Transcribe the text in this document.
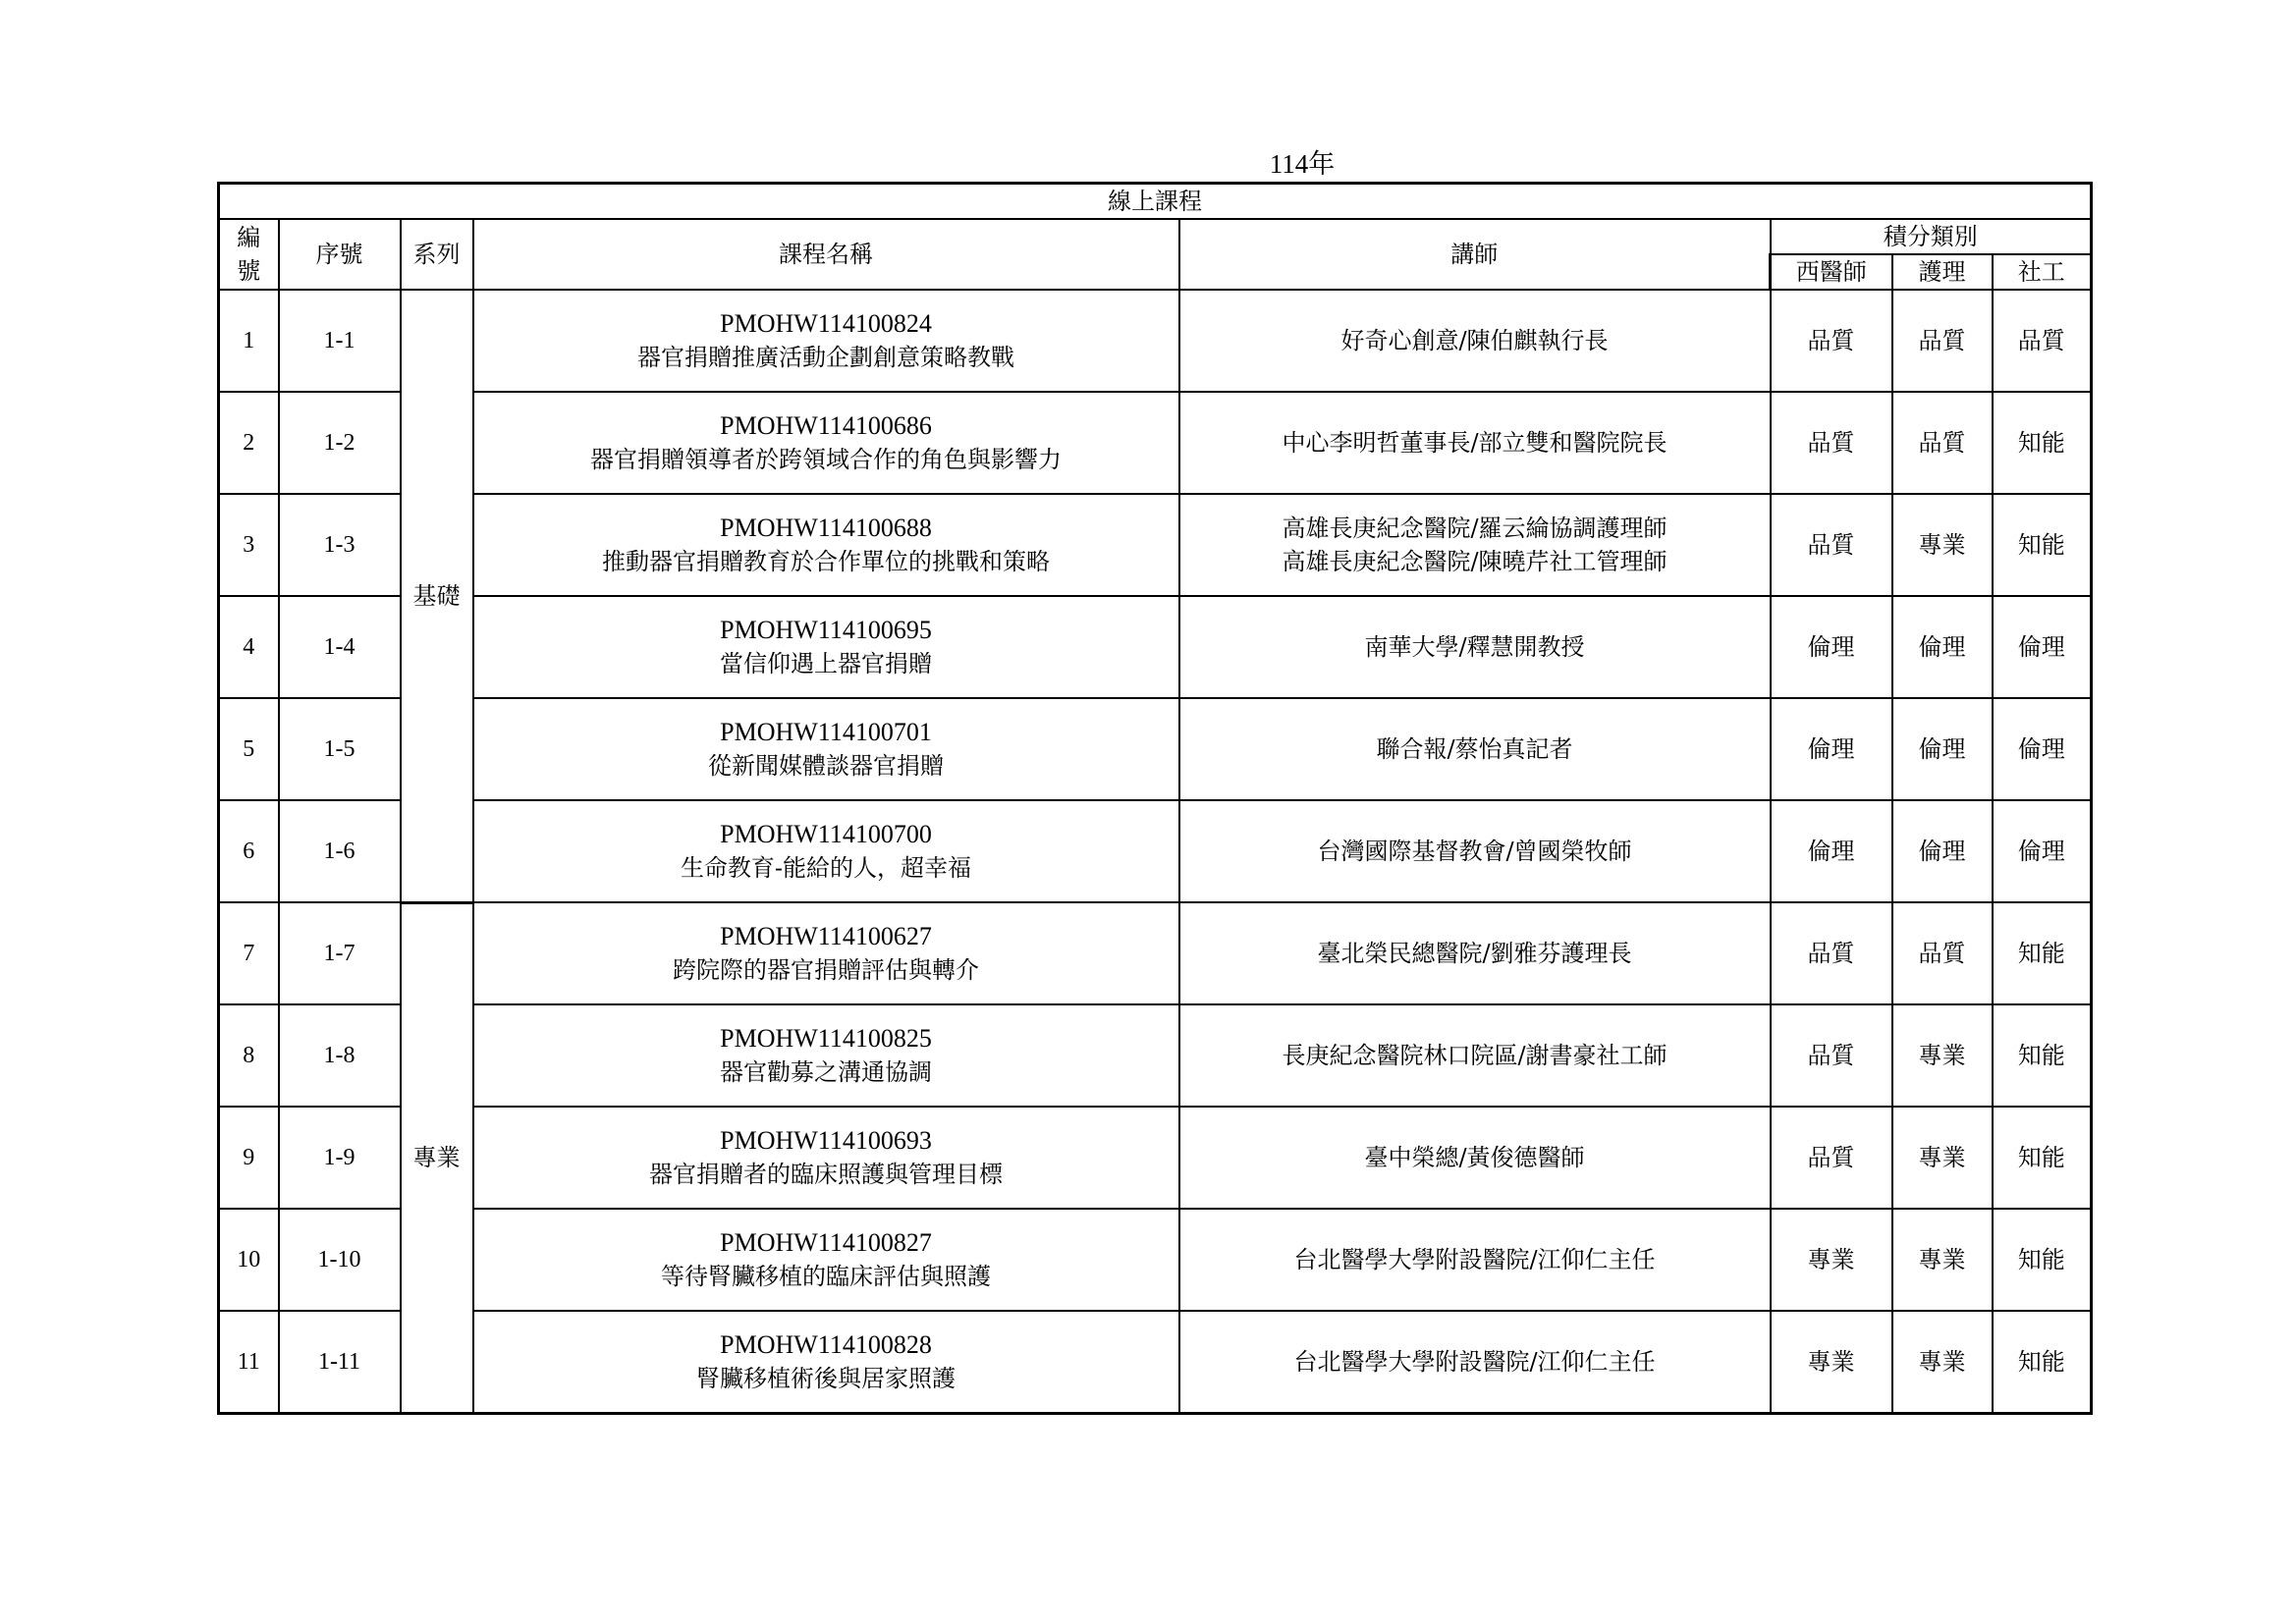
114年
線上課程							
編號	序號	系列	課程名稱	講師	積分類別		
					西醫師	護理	社工
1	1-1	基礎	PMOHW114100824
器官捐贈推廣活動企劃創意策略教戰	好奇心創意/陳伯麒執行長	品質	品質	品質
2	1-2		PMOHW114100686
器官捐贈領導者於跨領域合作的角色與影響力	中心李明哲董事長/部立雙和醫院院長	品質	品質	知能
3	1-3		PMOHW114100688
推動器官捐贈教育於合作單位的挑戰和策略	高雄長庚紀念醫院/羅云綸協調護理師
高雄長庚紀念醫院/陳曉芹社工管理師	品質	專業	知能
4	1-4		PMOHW114100695
當信仰遇上器官捐贈	南華大學/釋慧開教授	倫理	倫理	倫理
5	1-5		PMOHW114100701
從新聞媒體談器官捐贈	聯合報/蔡怡真記者	倫理	倫理	倫理
6	1-6		PMOHW114100700
生命教育-能給的人，超幸福	台灣國際基督教會/曾國榮牧師	倫理	倫理	倫理
7	1-7	專業	PMOHW114100627
跨院際的器官捐贈評估與轉介	臺北榮民總醫院/劉雅芬護理長	品質	品質	知能
8	1-8		PMOHW114100825
器官勸募之溝通協調	長庚紀念醫院林口院區/謝書豪社工師	品質	專業	知能
9	1-9		PMOHW114100693
器官捐贈者的臨床照護與管理目標	臺中榮總/黃俊德醫師	品質	專業	知能
10	1-10		PMOHW114100827
等待腎臟移植的臨床評估與照護	台北醫學大學附設醫院/江仰仁主任	專業	專業	知能
11	1-11		PMOHW114100828
腎臟移植術後與居家照護	台北醫學大學附設醫院/江仰仁主任	專業	專業	知能
